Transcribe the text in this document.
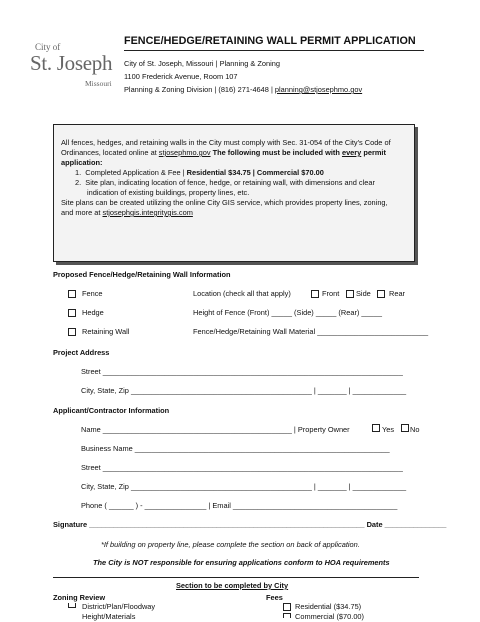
City of
St. Joseph
Missouri
FENCE/HEDGE/RETAINING WALL PERMIT APPLICATION
City of St. Joseph, Missouri | Planning & Zoning
1100 Frederick Avenue, Room 107
Planning & Zoning Division | (816) 271-4648 | planning@stjosephmo.gov

All fences, hedges, and retaining walls in the City must comply with Sec. 31-054 of the City's Code of

Ordinances, located online at stjosephmo.gov The following must be included with every permit

application:

1. Completed Application & Fee | Residential $34.75 | Commercial $70.00

2. Site plan, indicating location of fence, hedge, or retaining wall, with dimensions and clear

indication of existing buildings, property lines, etc.

Site plans can be created utilizing the online City GIS service, which provides property lines, zoning,

and more at stjosephgis.integritygis.com

Proposed Fence/Hedge/Retaining Wall Information
Fence
Hedge
Retaining Wall
Location (check all that apply)	Front Side Rear
Height of Fence (Front) _____ (Side) _____ (Rear) _____
Fence/Hedge/Retaining Wall Material ___________________________
Project Address
Street _________________________________________________________________________
City, State, Zip ____________________________________________ | _______ | _____________
Applicant/Contractor Information
Name ______________________________________________ | Property Owner	Yes No
Business Name ______________________________________________________________
Street _________________________________________________________________________
City, State, Zip ____________________________________________ | _______ | _____________
Phone ( ______ ) - _______________ | Email ________________________________________
Signature ___________________________________________________________________ Date _______________
*If building on property line, please complete the section on back of application.
The City is NOT responsible for ensuring applications conform to HOA requirements
Section to be completed by City
Zoning Review
District/Plan/Floodway
Height/Materials
Fees
Residential ($34.75)
Commercial ($70.00)
